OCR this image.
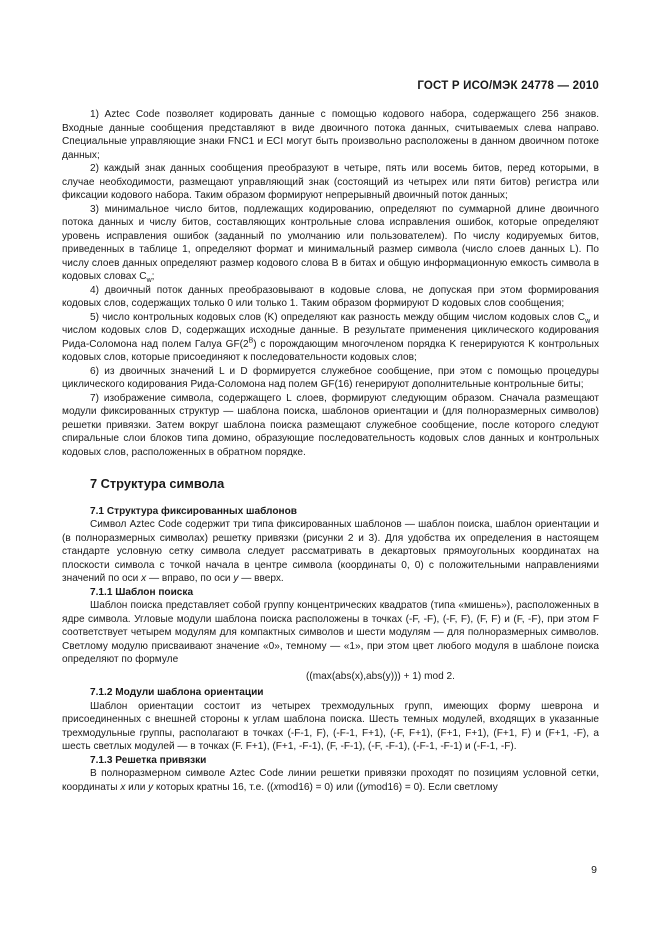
ГОСТ Р ИСО/МЭК 24778 — 2010

1) Aztec Code позволяет кодировать данные с помощью кодового набора, содержащего 256 знаков. Входные данные сообщения представляют в виде двоичного потока данных, считываемых слева направо. Специальные управляющие знаки FNC1 и ECI могут быть произвольно расположены в данном двоичном потоке данных;

2) каждый знак данных сообщения преобразуют в четыре, пять или восемь битов, перед которыми, в случае необходимости, размещают управляющий знак (состоящий из четырех или пяти битов) регистра или фиксации кодового набора. Таким образом формируют непрерывный двоичный поток данных;

3) минимальное число битов, подлежащих кодированию, определяют по суммарной длине двоичного потока данных и числу битов, составляющих контрольные слова исправления ошибок, которые определяют уровень исправления ошибок (заданный по умолчанию или пользователем). По числу кодируемых битов, приведенных в таблице 1, определяют формат и минимальный размер символа (число слоев данных L). По числу слоев данных определяют размер кодового слова B в битах и общую информационную емкость символа в кодовых словах $C_w$;

4) двоичный поток данных преобразовывают в кодовые слова, не допуская при этом формирования кодовых слов, содержащих только 0 или только 1. Таким образом формируют D кодовых слов сообщения;

5) число контрольных кодовых слов (K) определяют как разность между общим числом кодовых слов $C_w$ и числом кодовых слов D, содержащих исходные данные. В результате применения циклического кодирования Рида-Соломона над полем Галуа $GF(2^B)$ с порождающим многочленом порядка K генерируются K контрольных кодовых слов, которые присоединяют к последовательности кодовых слов;

6) из двоичных значений L и D формируется служебное сообщение, при этом с помощью процедуры циклического кодирования Рида-Соломона над полем GF(16) генерируют дополнительные контрольные биты;

7) изображение символа, содержащего L слоев, формируют следующим образом. Сначала размещают модули фиксированных структур — шаблона поиска, шаблонов ориентации и (для полноразмерных символов) решетки привязки. Затем вокруг шаблона поиска размещают служебное сообщение, после которого следуют спиральные слои блоков типа домино, образующие последовательность кодовых слов данных и контрольных кодовых слов, расположенных в обратном порядке.

7 Структура символа
7.1 Структура фиксированных шаблонов

Символ Aztec Code содержит три типа фиксированных шаблонов — шаблон поиска, шаблон ориентации и (в полноразмерных символах) решетку привязки (рисунки 2 и 3). Для удобства их определения в настоящем стандарте условную сетку символа следует рассматривать в декартовых прямоугольных координатах на плоскости символа с точкой начала в центре символа (координаты 0, 0) с положительными направлениями значений по оси x — вправо, по оси y — вверх.

7.1.1 Шаблон поиска

Шаблон поиска представляет собой группу концентрических квадратов (типа «мишень»), расположенных в ядре символа. Угловые модули шаблона поиска расположены в точках (-F, -F), (-F, F), (F, F) и (F, -F), при этом F соответствует четырем модулям для компактных символов и шести модулям — для полноразмерных символов. Светлому модулю присваивают значение «0», темному — «1», при этом цвет любого модуля в шаблоне поиска определяют по формуле

((max(abs(x),abs(y))) + 1) mod 2.
7.1.2 Модули шаблона ориентации

Шаблон ориентации состоит из четырех трехмодульных групп, имеющих форму шеврона и присоединенных с внешней стороны к углам шаблона поиска. Шесть темных модулей, входящих в указанные трехмодульные группы, располагают в точках (-F-1, F), (-F-1, F+1), (-F, F+1), (F+1, F+1), (F+1, F) и (F+1, -F), а шесть светлых модулей — в точках (F. F+1), (F+1, -F-1), (F, -F-1), (-F, -F-1), (-F-1, -F-1) и (-F-1, -F).

7.1.3 Решетка привязки

В полноразмерном символе Aztec Code линии решетки привязки проходят по позициям условной сетки, координаты x или y которых кратны 16, т.е. ((xmod16) = 0) или ((ymod16) = 0). Если светлому

9
